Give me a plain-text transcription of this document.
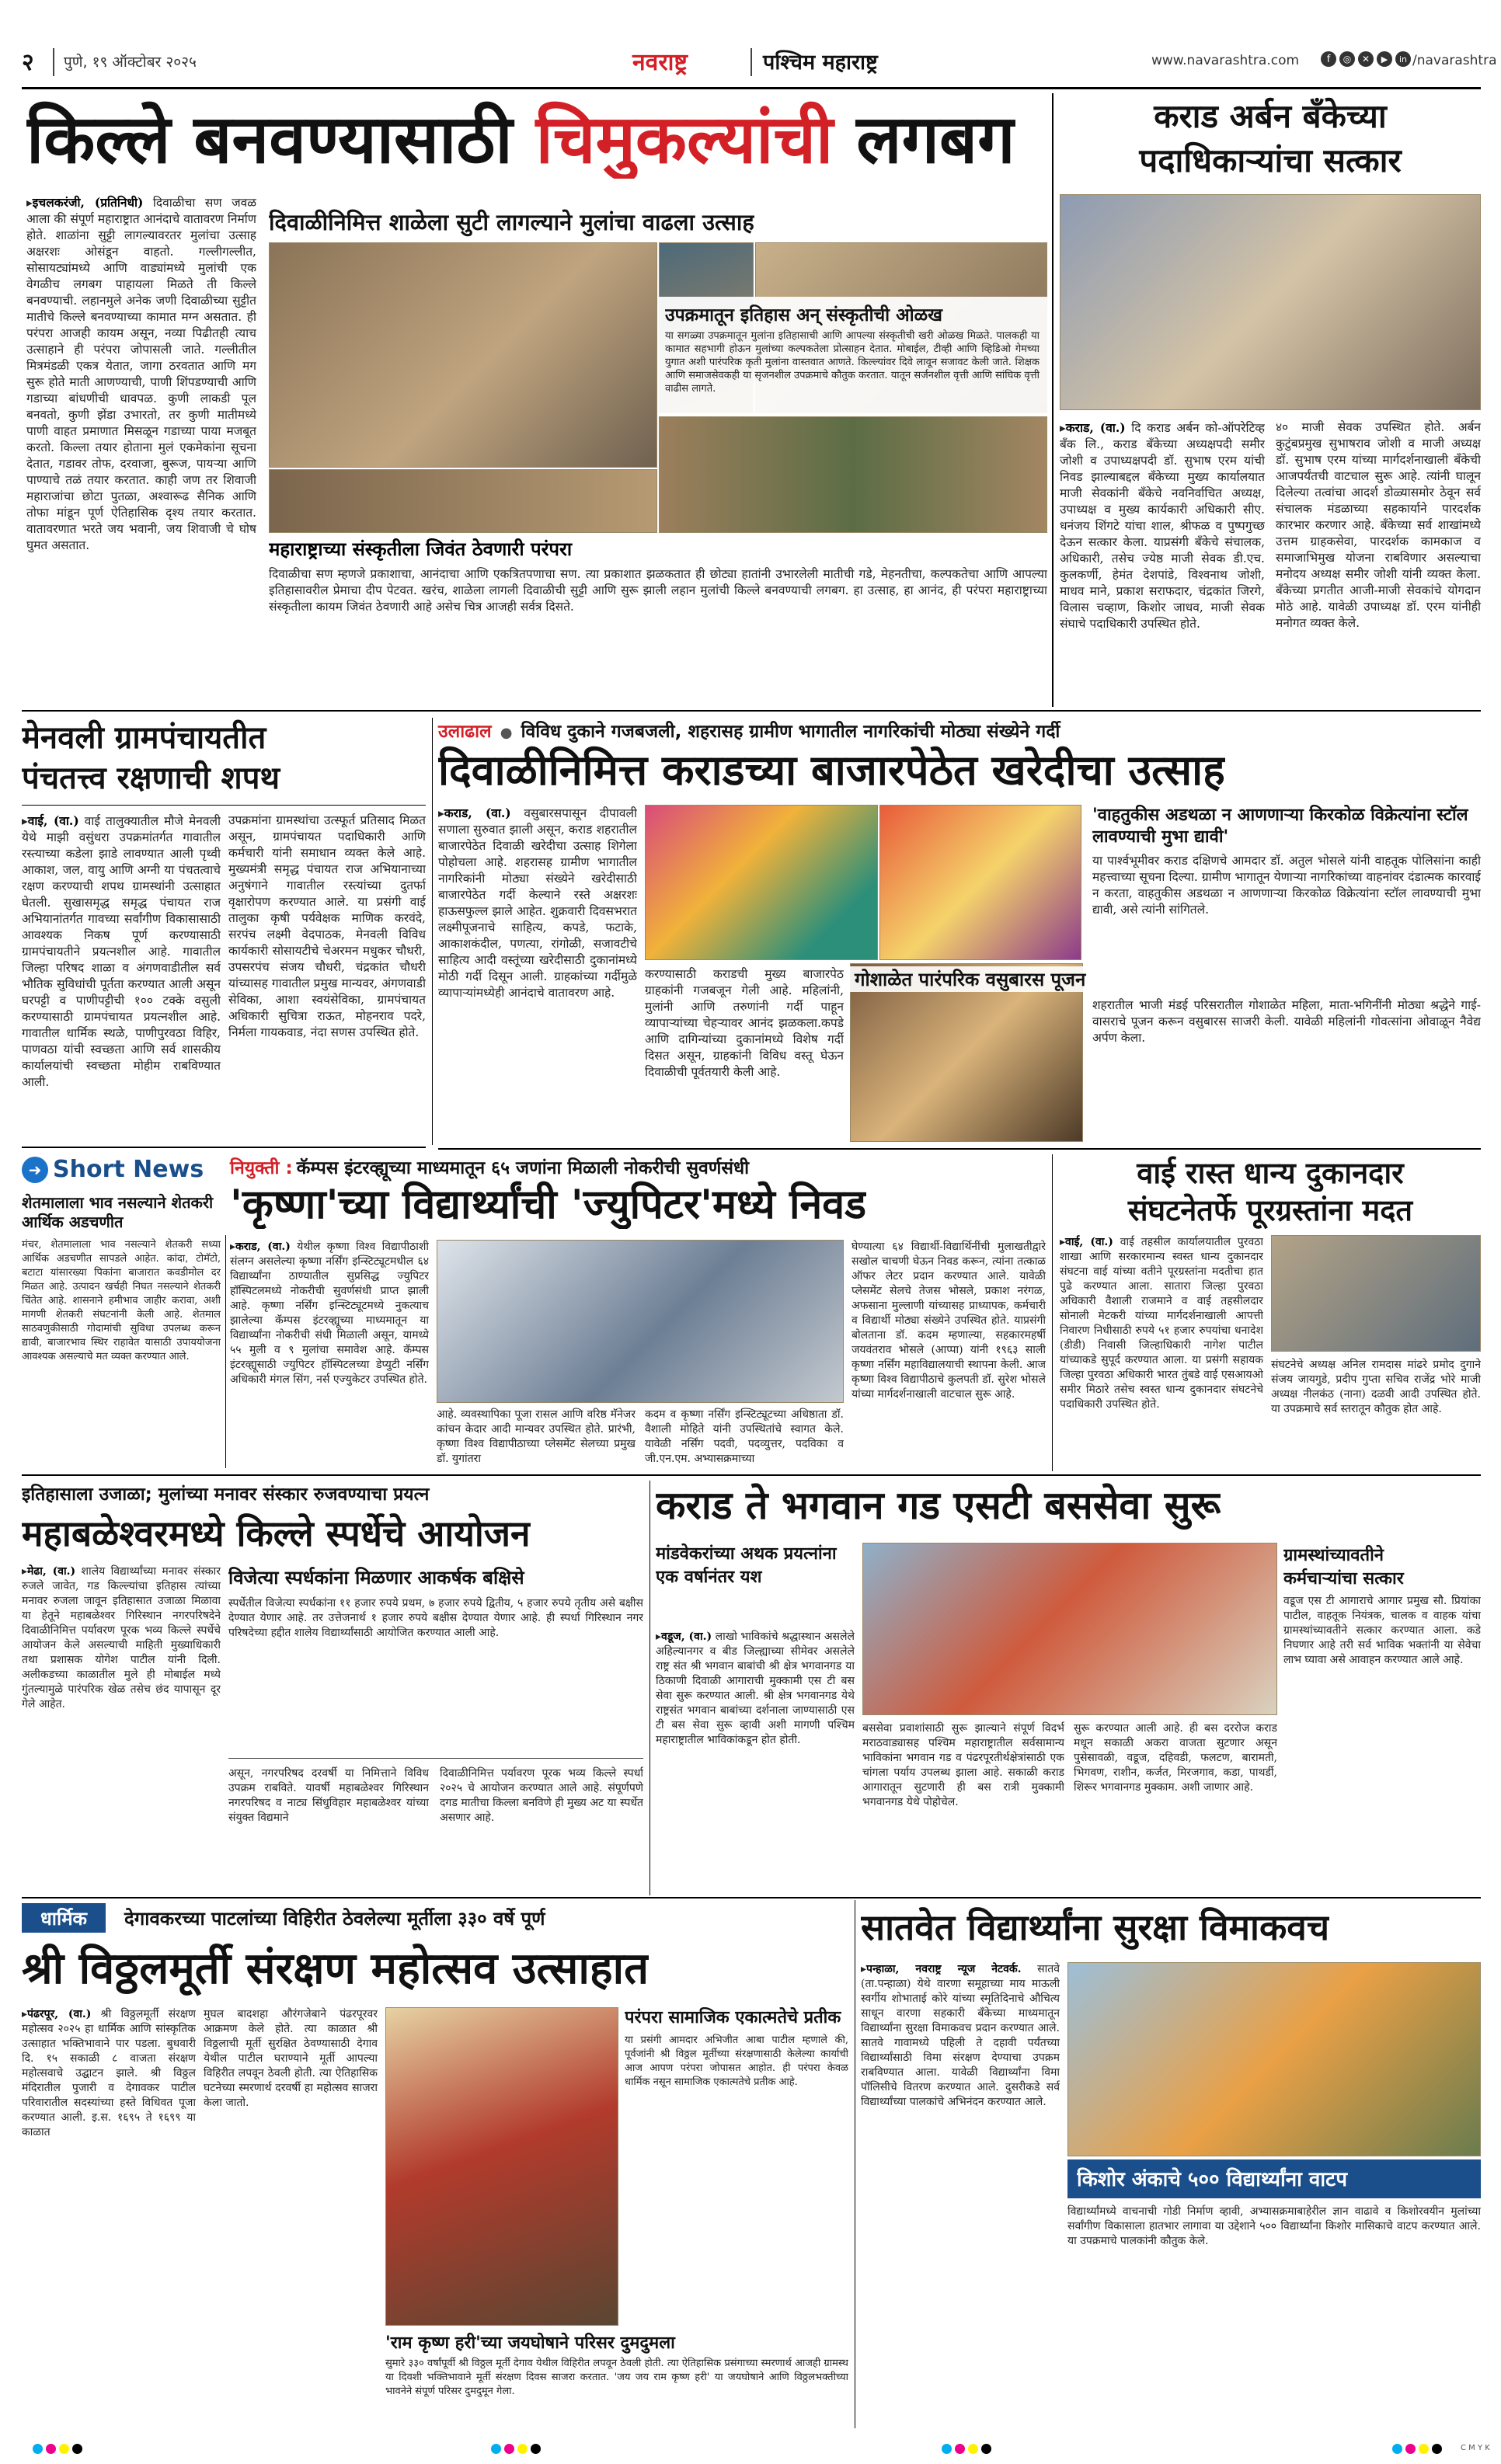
२ पुणे, १९ ऑक्टोबर २०२५	नवराष्ट्र	पश्चिम महाराष्ट्र	www.navarashtra.com	f	◎	✕	▶	in /navarashtra
किल्ले बनवण्यासाठी चिमुकल्यांची लगबग
दिवाळीनिमित्त शाळेला सुटी लागल्याने मुलांचा वाढला उत्साह
▸इचलकरंजी, (प्रतिनिधी) दिवाळीचा सण जवळ आला की संपूर्ण महाराष्ट्रात आनंदाचे वातावरण निर्माण होते. शाळांना सुट्टी लागल्यावरतर मुलांचा उत्साह अक्षरशः ओसंडून वाहतो. गल्लीगल्लीत, सोसायट्यांमध्ये आणि वाड्यांमध्ये मुलांची एक वेगळीच लगबग पाहायला मिळते ती किल्ले बनवण्याची. लहानमुले अनेक जणी दिवाळीच्या सुट्टीत मातीचे किल्ले बनवण्याच्या कामात मग्न असतात. ही परंपरा आजही कायम असून, नव्या पिढीतही त्याच उत्साहाने ही परंपरा जोपासली जाते. गल्लीतील मित्रमंडळी एकत्र येतात, जागा ठरवतात आणि मग सुरू होते माती आणण्याची, पाणी शिंपडण्याची आणि गडाच्या बांधणीची धावपळ. कुणी लाकडी पूल बनवतो, कुणी झेंडा उभारतो, तर कुणी मातीमध्ये पाणी वाहत प्रमाणात मिसळून गडाच्या पाया मजबूत करतो. किल्ला तयार होताना मुलं एकमेकांना सूचना देतात, गडावर तोफ, दरवाजा, बुरूज, पायऱ्या आणि पाण्याचे तळं तयार करतात. काही जण तर शिवाजी महाराजांचा छोटा पुतळा, अश्वारूढ सैनिक आणि तोफा मांडून पूर्ण ऐतिहासिक दृश्य तयार करतात. वातावरणात भरते जय भवानी, जय शिवाजी चे घोष घुमत असतात.
उपक्रमातून इतिहास अन् संस्कृतीची ओळख
या सगळ्या उपक्रमातून मुलांना इतिहासाची आणि आपल्या संस्कृतीची खरी ओळख मिळते. पालकही या कामात सहभागी होऊन मुलांच्या कल्पकतेला प्रोत्साहन देतात. मोबाईल, टीव्ही आणि व्हिडिओ गेमच्या युगात अशी पारंपरिक कृती मुलांना वास्तवात आणते. किल्ल्यांवर दिवे लावून सजावट केली जाते. शिक्षक आणि समाजसेवकही या सृजनशील उपक्रमाचे कौतुक करतात. यातून सर्जनशील वृत्ती आणि सांघिक वृत्ती वाढीस लागते.
महाराष्ट्राच्या संस्कृतीला जिवंत ठेवणारी परंपरा
दिवाळीचा सण म्हणजे प्रकाशाचा, आनंदाचा आणि एकत्रितपणाचा सण. त्या प्रकाशात झळकतात ही छोट्या हातांनी उभारलेली मातीची गडे, मेहनतीचा, कल्पकतेचा आणि आपल्या इतिहासावरील प्रेमाचा दीप पेटवत. खरंच, शाळेला लागली दिवाळीची सुट्टी आणि सुरू झाली लहान मुलांची किल्ले बनवण्याची लगबग. हा उत्साह, हा आनंद, ही परंपरा महाराष्ट्राच्या संस्कृतीला कायम जिवंत ठेवणारी आहे असेच चित्र आजही सर्वत्र दिसते.
कराड अर्बन बँकेच्या
पदाधिकाऱ्यांचा सत्कार
▸कराड, (वा.) दि कराड अर्बन को-ऑपरेटिव्ह बँक लि., कराड बँकेच्या अध्यक्षपदी समीर जोशी व उपाध्यक्षपदी डॉ. सुभाष एरम यांची निवड झाल्याबद्दल बँकेच्या मुख्य कार्यालयात माजी सेवकांनी बँकेचे नवनिर्वाचित अध्यक्ष, उपाध्यक्ष व मुख्य कार्यकारी अधिकारी सीए. धनंजय शिंगटे यांचा शाल, श्रीफळ व पुष्पगुच्छ देऊन सत्कार केला. याप्रसंगी बँकेचे संचालक, अधिकारी, तसेच ज्येष्ठ माजी सेवक डी.एच. कुलकर्णी, हेमंत देशपांडे, विश्वनाथ जोशी, माधव माने, प्रकाश सराफदार, चंद्रकांत जिरगे, विलास चव्हाण, किशोर जाधव, माजी सेवक संघाचे पदाधिकारी उपस्थित होते.
४० माजी सेवक उपस्थित होते. अर्बन कुटुंबप्रमुख सुभाषराव जोशी व माजी अध्यक्ष डॉ. सुभाष एरम यांच्या मार्गदर्शनाखाली बँकेची आजपर्यंतची वाटचाल सुरू आहे. त्यांनी घालून दिलेल्या तत्वांचा आदर्श डोळ्यासमोर ठेवून सर्व संचालक मंडळाच्या सहकार्याने पारदर्शक कारभार करणार आहे. बँकेच्या सर्व शाखांमध्ये उत्तम ग्राहकसेवा, पारदर्शक कामकाज व समाजाभिमुख योजना राबविणार असल्याचा मनोदय अध्यक्ष समीर जोशी यांनी व्यक्त केला. बँकेच्या प्रगतीत आजी-माजी सेवकांचे योगदान मोठे आहे. यावेळी उपाध्यक्ष डॉ. एरम यांनीही मनोगत व्यक्त केले.
मेनवली ग्रामपंचायतीत
पंचतत्त्व रक्षणाची शपथ
▸वाई, (वा.) वाई तालुक्यातील मौजे मेनवली येथे माझी वसुंधरा उपक्रमांतर्गत गावातील रस्त्याच्या कडेला झाडे लावण्यात आली पृथ्वी आकाश, जल, वायु आणि अग्नी या पंचतत्वाचे रक्षण करण्याची शपथ ग्रामस्थांनी उत्साहात घेतली. सुखासमृद्ध समृद्ध पंचायत राज अभियानांतर्गत गावच्या सर्वांगीण विकासासाठी आवश्यक निकष पूर्ण करण्यासाठी ग्रामपंचायतीने प्रयत्नशील आहे. गावातील जिल्हा परिषद शाळा व अंगणवाडीतील सर्व भौतिक सुविधांची पूर्तता करण्यात आली असून घरपट्टी व पाणीपट्टीची १०० टक्के वसुली करण्यासाठी ग्रामपंचायत प्रयत्नशील आहे. गावातील धार्मिक स्थळे, पाणीपुरवठा विहिर, पाणवठा यांची स्वच्छता आणि सर्व शासकीय कार्यालयांची स्वच्छता मोहीम राबविण्यात आली.
उपक्रमांना ग्रामस्थांचा उत्स्फूर्त प्रतिसाद मिळत असून, ग्रामपंचायत पदाधिकारी आणि कर्मचारी यांनी समाधान व्यक्त केले आहे. मुख्यमंत्री समृद्ध पंचायत राज अभियानाच्या अनुषंगाने गावातील रस्त्यांच्या दुतर्फा वृक्षारोपण करण्यात आले. या प्रसंगी वाई तालुका कृषी पर्यवेक्षक माणिक करवंदे, सरपंच लक्ष्मी वेदपाठक, मेनवली विविध कार्यकारी सोसायटीचे चेअरमन मधुकर चौधरी, उपसरपंच संजय चौधरी, चंद्रकांत चौधरी यांच्यासह गावातील प्रमुख मान्यवर, अंगणवाडी सेविका, आशा स्वयंसेविका, ग्रामपंचायत अधिकारी सुचित्रा राऊत, मोहनराव पदरे, निर्मला गायकवाड, नंदा सणस उपस्थित होते.
उलाढाल ● विविध दुकाने गजबजली, शहरासह ग्रामीण भागातील नागरिकांची मोठ्या संख्येने गर्दी
दिवाळीनिमित्त कराडच्या बाजारपेठेत खरेदीचा उत्साह
▸कराड, (वा.) वसुबारसपासून दीपावली सणाला सुरुवात झाली असून, कराड शहरातील बाजारपेठेत दिवाळी खरेदीचा उत्साह शिगेला पोहोचला आहे. शहरासह ग्रामीण भागातील नागरिकांनी मोठ्या संख्येने खरेदीसाठी बाजारपेठेत गर्दी केल्याने रस्ते अक्षरशः हाऊसफुल्ल झाले आहेत. शुक्रवारी दिवसभरात लक्ष्मीपूजनाचे साहित्य, कपडे, फटाके, आकाशकंदील, पणत्या, रांगोळी, सजावटीचे साहित्य आदी वस्तूंच्या खरेदीसाठी दुकानांमध्ये मोठी गर्दी दिसून आली. ग्राहकांच्या गर्दीमुळे व्यापाऱ्यांमध्येही आनंदाचे वातावरण आहे.
करण्यासाठी कराडची मुख्य बाजारपेठ ग्राहकांनी गजबजून गेली आहे. महिलांनी, मुलांनी आणि तरुणांनी गर्दी पाहून व्यापाऱ्यांच्या चेहऱ्यावर आनंद झळकला.कपडे आणि दागिन्यांच्या दुकानांमध्ये विशेष गर्दी दिसत असून, ग्राहकांनी विविध वस्तू घेऊन दिवाळीची पूर्वतयारी केली आहे.
'वाहतुकीस अडथळा न आणणाऱ्या किरकोळ विक्रेत्यांना स्टॉल लावण्याची मुभा द्यावी'
या पार्श्वभूमीवर कराड दक्षिणचे आमदार डॉ. अतुल भोसले यांनी वाहतूक पोलिसांना काही महत्त्वाच्या सूचना दिल्या. ग्रामीण भागातून येणाऱ्या नागरिकांच्या वाहनांवर दंडात्मक कारवाई न करता, वाहतुकीस अडथळा न आणणाऱ्या किरकोळ विक्रेत्यांना स्टॉल लावण्याची मुभा द्यावी, असे त्यांनी सांगितले.
गोशाळेत पारंपरिक वसुबारस पूजन
शहरातील भाजी मंडई परिसरातील गोशाळेत महिला, माता-भगिनींनी मोठ्या श्रद्धेने गाई-वासराचे पूजन करून वसुबारस साजरी केली. यावेळी महिलांनी गोवत्सांना ओवाळून नैवेद्य अर्पण केला.
➜ Short News
शेतमालाला भाव नसल्याने शेतकरी आर्थिक अडचणीत
मंचर, शेतमालाला भाव नसल्याने शेतकरी सध्या आर्थिक अडचणीत सापडले आहेत. कांदा, टोमॅटो, बटाटा यांसारख्या पिकांना बाजारात कवडीमोल दर मिळत आहे. उत्पादन खर्चही निघत नसल्याने शेतकरी चिंतेत आहे. शासनाने हमीभाव जाहीर करावा, अशी मागणी शेतकरी संघटनांनी केली आहे. शेतमाल साठवणुकीसाठी गोदामांची सुविधा उपलब्ध करून द्यावी, बाजारभाव स्थिर राहावेत यासाठी उपाययोजना आवश्यक असल्याचे मत व्यक्त करण्यात आले.
नियुक्ती : कॅम्पस इंटरव्ह्यूच्या माध्यमातून ६५ जणांना मिळाली नोकरीची सुवर्णसंधी
'कृष्णा'च्या विद्यार्थ्यांची 'ज्युपिटर'मध्ये निवड
▸कराड, (वा.) येथील कृष्णा विश्व विद्यापीठाशी संलग्न असलेल्या कृष्णा नर्सिंग इन्स्टिट्यूटमधील ६४ विद्यार्थ्यांना ठाण्यातील सुप्रसिद्ध ज्युपिटर हॉस्पिटलमध्ये नोकरीची सुवर्णसंधी प्राप्त झाली आहे. कृष्णा नर्सिंग इन्स्टिट्यूटमध्ये नुकत्याच झालेल्या कॅम्पस इंटरव्ह्यूच्या माध्यमातून या विद्यार्थ्यांना नोकरीची संधी मिळाली असून, यामध्ये ५५ मुली व ९ मुलांचा समावेश आहे. कॅम्पस इंटरव्ह्यूसाठी ज्युपिटर हॉस्पिटलच्या डेप्युटी नर्सिंग अधिकारी मंगल सिंग, नर्स एज्युकेटर उपस्थित होते.
आहे. व्यवस्थापिका पूजा रासल आणि वरिष्ठ मॅनेजर कांचन केदार आदी मान्यवर उपस्थित होते. प्रारंभी, कृष्णा विश्व विद्यापीठाच्या प्लेसमेंट सेलच्या प्रमुख डॉ. युगांतरा
कदम व कृष्णा नर्सिंग इन्स्टिट्यूटच्या अधिष्ठाता डॉ. वैशाली मोहिते यांनी उपस्थितांचे स्वागत केले. यावेळी नर्सिंग पदवी, पदव्युत्तर, पदविका व जी.एन.एम. अभ्यासक्रमाच्या
घेण्यात्या ६४ विद्यार्थी-विद्यार्थिनींची मुलाखतीद्वारे सखोल चाचणी घेऊन निवड करून, त्यांना तत्काळ ऑफर लेटर प्रदान करण्यात आले. यावेळी प्लेसमेंट सेलचे तेजस भोसले, प्रकाश नरंगळ, अफसाना मुल्लाणी यांच्यासह प्राध्यापक, कर्मचारी व विद्यार्थी मोठ्या संख्येने उपस्थित होते. याप्रसंगी बोलताना डॉ. कदम म्हणाल्या, सहकारमहर्षी जयवंतराव भोसले (आप्पा) यांनी १९६३ साली कृष्णा नर्सिंग महाविद्यालयाची स्थापना केली. आज कृष्णा विश्व विद्यापीठाचे कुलपती डॉ. सुरेश भोसले यांच्या मार्गदर्शनाखाली वाटचाल सुरू आहे.
वाई रास्त धान्य दुकानदार
संघटनेतर्फे पूरग्रस्तांना मदत
▸वाई, (वा.) वाई तहसील कार्यालयातील पुरवठा शाखा आणि सरकारमान्य स्वस्त धान्य दुकानदार संघटना वाई यांच्या वतीने पूरग्रस्तांना मदतीचा हात पुढे करण्यात आला. सातारा जिल्हा पुरवठा अधिकारी वैशाली राजमाने व वाई तहसीलदार सोनाली मेटकरी यांच्या मार्गदर्शनाखाली आपत्ती निवारण निधीसाठी रुपये ५१ हजार रुपयांचा धनादेश (डीडी) निवासी जिल्हाधिकारी नागेश पाटील यांच्याकडे सुपूर्द करण्यात आला. या प्रसंगी सहायक जिल्हा पुरवठा अधिकारी भारत तुंबडे वाई एसआयओ समीर मिठारे तसेच स्वस्त धान्य दुकानदार संघटनेचे पदाधिकारी उपस्थित होते.
संघटनेचे अध्यक्ष अनिल रामदास मांढरे प्रमोद दुगाने संजय जायगुडे, प्रदीप गुप्ता सचिव राजेंद्र भोरे माजी अध्यक्ष नीलकंठ (नाना) दळवी आदी उपस्थित होते. या उपक्रमाचे सर्व स्तरातून कौतुक होत आहे.
इतिहासाला उजाळा; मुलांच्या मनावर संस्कार रुजवण्याचा प्रयत्न
महाबळेश्वरमध्ये किल्ले स्पर्धेचे आयोजन
▸मेढा, (वा.) शालेय विद्यार्थ्यांच्या मनावर संस्कार रुजले जावेत, गड किल्ल्यांचा इतिहास त्यांच्या मनावर रुजला जावून इतिहासात उजाळा मिळावा या हेतूने महाबळेश्वर गिरिस्थान नगरपरिषदेने दिवाळीनिमित्त पर्यावरण पूरक भव्य किल्ले स्पर्धेचे आयोजन केले असल्याची माहिती मुख्याधिकारी तथा प्रशासक योगेश पाटील यांनी दिली. अलीकडच्या काळातील मुले ही मोबाईल मध्ये गुंतल्यामुळे पारंपरिक खेळ तसेच छंद यापासून दूर गेले आहेत.
विजेत्या स्पर्धकांना मिळणार आकर्षक बक्षिसे
स्पर्धेतील विजेत्या स्पर्धकांना ११ हजार रुपये प्रथम, ७ हजार रुपये द्वितीय, ५ हजार रुपये तृतीय असे बक्षीस देण्यात येणार आहे. तर उत्तेजनार्थ १ हजार रुपये बक्षीस देण्यात येणार आहे. ही स्पर्धा गिरिस्थान नगर परिषदेच्या हद्दीत शालेय विद्यार्थ्यांसाठी आयोजित करण्यात आली आहे.
असून, नगरपरिषद दरवर्षी या निमित्ताने विविध उपक्रम राबविते. यावर्षी महाबळेश्वर गिरिस्थान नगरपरिषद व नाट्य सिंधुविहार महाबळेश्वर यांच्या संयुक्त विद्यमाने
दिवाळीनिमित्त पर्यावरण पूरक भव्य किल्ले स्पर्धा २०२५ चे आयोजन करण्यात आले आहे. संपूर्णपणे दगड मातीचा किल्ला बनविणे ही मुख्य अट या स्पर्धेत असणार आहे.
कराड ते भगवान गड एसटी बससेवा सुरू
मांडवेकरांच्या अथक प्रयत्नांना एक वर्षानंतर यश
▸वडूज, (वा.) लाखो भाविकांचे श्रद्धास्थान असलेले अहिल्यानगर व बीड जिल्ह्याच्या सीमेवर असलेले राष्ट्र संत श्री भगवान बाबांची श्री क्षेत्र भगवानगड या ठिकाणी दिवाळी आगाराची मुक्कामी एस टी बस सेवा सुरू करण्यात आली. श्री क्षेत्र भगवानगड येथे राष्ट्रसंत भगवान बाबांच्या दर्शनाला जाण्यासाठी एस टी बस सेवा सुरू व्हावी अशी मागणी पश्चिम महाराष्ट्रातील भाविकांकडून होत होती.
बससेवा प्रवाशांसाठी सुरू झाल्याने संपूर्ण विदर्भ मराठवाड्यासह पश्चिम महाराष्ट्रातील सर्वसामान्य भाविकांना भगवान गड व पंढरपूरतीर्थक्षेत्रांसाठी एक चांगला पर्याय उपलब्ध झाला आहे. सकाळी कराड आगारातून सुटणारी ही बस रात्री मुक्कामी भगवानगड येथे पोहोचेल.
सुरू करण्यात आली आहे. ही बस दररोज कराड मधून सकाळी अकरा वाजता सुटणार असून पुसेसावळी, वडूज, दहिवडी, फलटण, बारामती, भिगवण, राशीन, कर्जत, मिरजगाव, कडा, पाथर्डी, शिरूर भगवानगड मुक्काम. अशी जाणार आहे.
ग्रामस्थांच्यावतीने
कर्मचाऱ्यांचा सत्कार
वडूज एस टी आगाराचे आगार प्रमुख सौ. प्रियांका पाटील, वाहतूक नियंत्रक, चालक व वाहक यांचा ग्रामस्थांच्यावतीने सत्कार करण्यात आला. कडे निघणार आहे तरी सर्व भाविक भक्तांनी या सेवेचा लाभ घ्यावा असे आवाहन करण्यात आले आहे.
धार्मिक	देगावकरच्या पाटलांच्या विहिरीत ठेवलेल्या मूर्तीला ३३० वर्षे पूर्ण
श्री विठ्ठलमूर्ती संरक्षण महोत्सव उत्साहात
▸पंढरपूर, (वा.) श्री विठ्ठलमूर्ती संरक्षण महोत्सव २०२५ हा धार्मिक आणि सांस्कृतिक उत्साहात भक्तिभावाने पार पडला. बुधवारी दि. १५ सकाळी ८ वाजता संरक्षण महोत्सवाचे उद्घाटन झाले. श्री विठ्ठल मंदिरातील पुजारी व देगावकर पाटील परिवारातील सदस्यांच्या हस्ते विधिवत पूजा करण्यात आली. इ.स. १६९५ ते १६९९ या काळात
मुघल बादशहा औरंगजेबाने पंढरपूरवर आक्रमण केले होते. त्या काळात श्री विठ्ठलाची मूर्ती सुरक्षित ठेवण्यासाठी देगाव येथील पाटील घराण्याने मूर्ती आपल्या विहिरीत लपवून ठेवली होती. त्या ऐतिहासिक घटनेच्या स्मरणार्थ दरवर्षी हा महोत्सव साजरा केला जातो.
परंपरा सामाजिक एकात्मतेचे प्रतीक
या प्रसंगी आमदार अभिजीत आबा पाटील म्हणाले की, पूर्वजांनी श्री विठ्ठल मूर्तीच्या संरक्षणासाठी केलेल्या कार्याची आज आपण परंपरा जोपासत आहोत. ही परंपरा केवळ धार्मिक नसून सामाजिक एकात्मतेचे प्रतीक आहे.
'राम कृष्ण हरी'च्या जयघोषाने परिसर दुमदुमला
सुमारे ३३० वर्षांपूर्वी श्री विठ्ठल मूर्ती देगाव येथील विहिरीत लपवून ठेवली होती. त्या ऐतिहासिक प्रसंगाच्या स्मरणार्थ आजही ग्रामस्थ या दिवशी भक्तिभावाने मूर्ती संरक्षण दिवस साजरा करतात. 'जय जय राम कृष्ण हरी' या जयघोषाने आणि विठ्ठलभक्तीच्या भावनेने संपूर्ण परिसर दुमदुमून गेला.
सातवेत विद्यार्थ्यांना सुरक्षा विमाकवच
▸पन्हाळा, नवराष्ट्र न्यूज नेटवर्क. सातवे (ता.पन्हाळा) येथे वारणा समूहाच्या माय माऊली स्वर्गीय शोभाताई कोरे यांच्या स्मृतिदिनाचे औचित्य साधून वारणा सहकारी बँकेच्या माध्यमातून विद्यार्थ्यांना सुरक्षा विमाकवच प्रदान करण्यात आले. सातवे गावामध्ये पहिली ते दहावी पर्यंतच्या विद्यार्थ्यांसाठी विमा संरक्षण देण्याचा उपक्रम राबविण्यात आला. यावेळी विद्यार्थ्यांना विमा पॉलिसीचे वितरण करण्यात आले. दुसरीकडे सर्व विद्यार्थ्यांच्या पालकांचे अभिनंदन करण्यात आले.
किशोर अंकाचे ५०० विद्यार्थ्यांना वाटप
विद्यार्थ्यांमध्ये वाचनाची गोडी निर्माण व्हावी, अभ्यासक्रमाबाहेरील ज्ञान वाढावे व किशोरवयीन मुलांच्या सर्वांगीण विकासाला हातभार लागावा या उद्देशाने ५०० विद्यार्थ्यांना किशोर मासिकाचे वाटप करण्यात आले. या उपक्रमाचे पालकांनी कौतुक केले.
C M Y K
